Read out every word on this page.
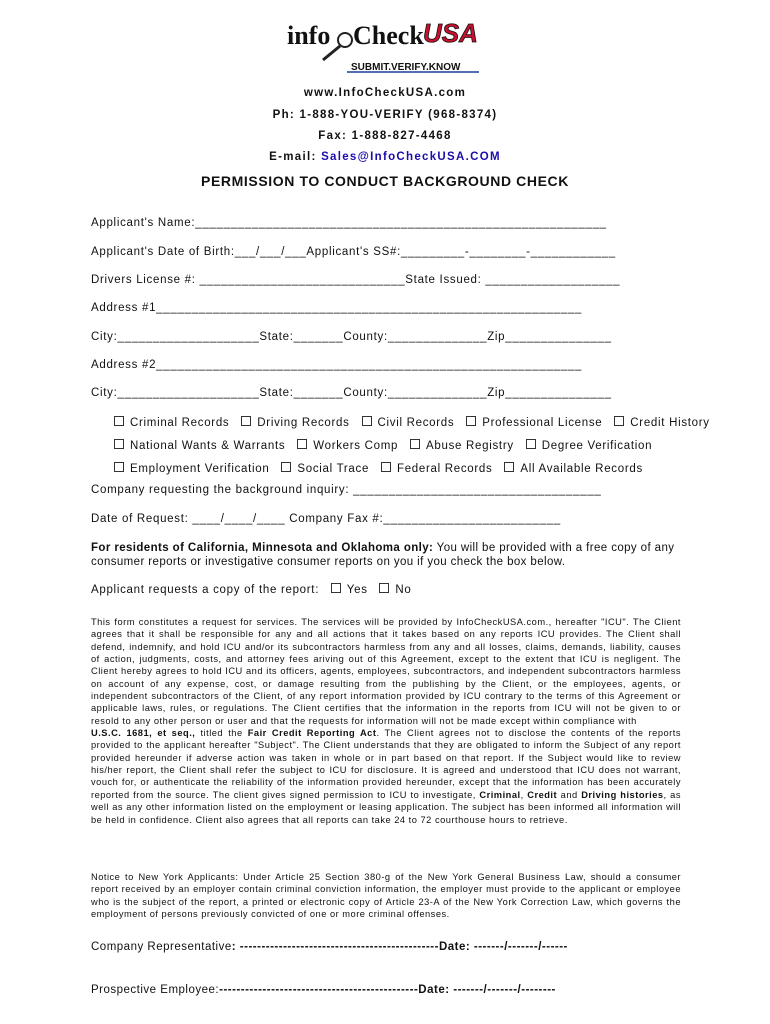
info Check USA
SUBMIT.VERIFY.KNOW
www.InfoCheckUSA.com
Ph: 1-888-YOU-VERIFY (968-8374)
Fax: 1-888-827-4468
E-mail: Sales@InfoCheckUSA.COM
PERMISSION TO CONDUCT BACKGROUND CHECK
Applicant's Name:__________________________________________________________
Applicant's Date of Birth:___/___/___Applicant's SS#:_________-________-____________
Drivers License #: _____________________________State Issued: ___________________
Address #1____________________________________________________________
City:____________________State:_______County:______________Zip_______________
Address #2____________________________________________________________
City:____________________State:_______County:______________Zip_______________
Criminal Records Driving Records Civil Records Professional License Credit History
National Wants & Warrants Workers Comp Abuse Registry Degree Verification
Employment Verification Social Trace Federal Records All Available Records
Company requesting the background inquiry: ___________________________________
Date of Request: ____/____/____ Company Fax #:_________________________
For residents of California, Minnesota and Oklahoma only: You will be provided with a free copy of any consumer reports or investigative consumer reports on you if you check the box below.
Applicant requests a copy of the report: Yes No

This form constitutes a request for services. The services will be provided by InfoCheckUSA.com., hereafter "ICU". The Client agrees that it shall be responsible for any and all actions that it takes based on any reports ICU provides. The Client shall defend, indemnify, and hold ICU and/or its subcontractors harmless from any and all losses, claims, demands, liability, causes of action, judgments, costs, and attorney fees ariving out of this Agreement, except to the extent that ICU is negligent. The Client hereby agrees to hold ICU and its officers, agents, employees, subcontractors, and independent subcontractors harmless on account of any expense, cost, or damage resulting from the publishing by the Client, or the employees, agents, or independent subcontractors of the Client, of any report information provided by ICU contrary to the terms of this Agreement or applicable laws, rules, or regulations. The Client certifies that the information in the reports from ICU will not be given to or resold to any other person or user and that the requests for information will not be made except within compliance with
U.S.C. 1681, et seq., titled the Fair Credit Reporting Act. The Client agrees not to disclose the contents of the reports provided to the applicant hereafter "Subject". The Client understands that they are obligated to inform the Subject of any report provided hereunder if adverse action was taken in whole or in part based on that report. If the Subject would like to review his/her report, the Client shall refer the subject to ICU for disclosure. It is agreed and understood that ICU does not warrant, vouch for, or authenticate the reliability of the information provided hereunder, except that the information has been accurately reported from the source. The client gives signed permission to ICU to investigate, Criminal, Credit and Driving histories, as well as any other information listed on the employment or leasing application. The subject has been informed all information will be held in confidence. Client also agrees that all reports can take 24 to 72 courthouse hours to retrieve.

Notice to New York Applicants: Under Article 25 Section 380-g of the New York General Business Law, should a consumer report received by an employer contain criminal conviction information, the employer must provide to the applicant or employee who is the subject of the report, a printed or electronic copy of Article 23-A of the New York Correction Law, which governs the employment of persons previously convicted of one or more criminal offenses.

Company Representative: ----------------------------------------------Date: -------/-------/------
Prospective Employee:----------------------------------------------Date: -------/-------/--------
